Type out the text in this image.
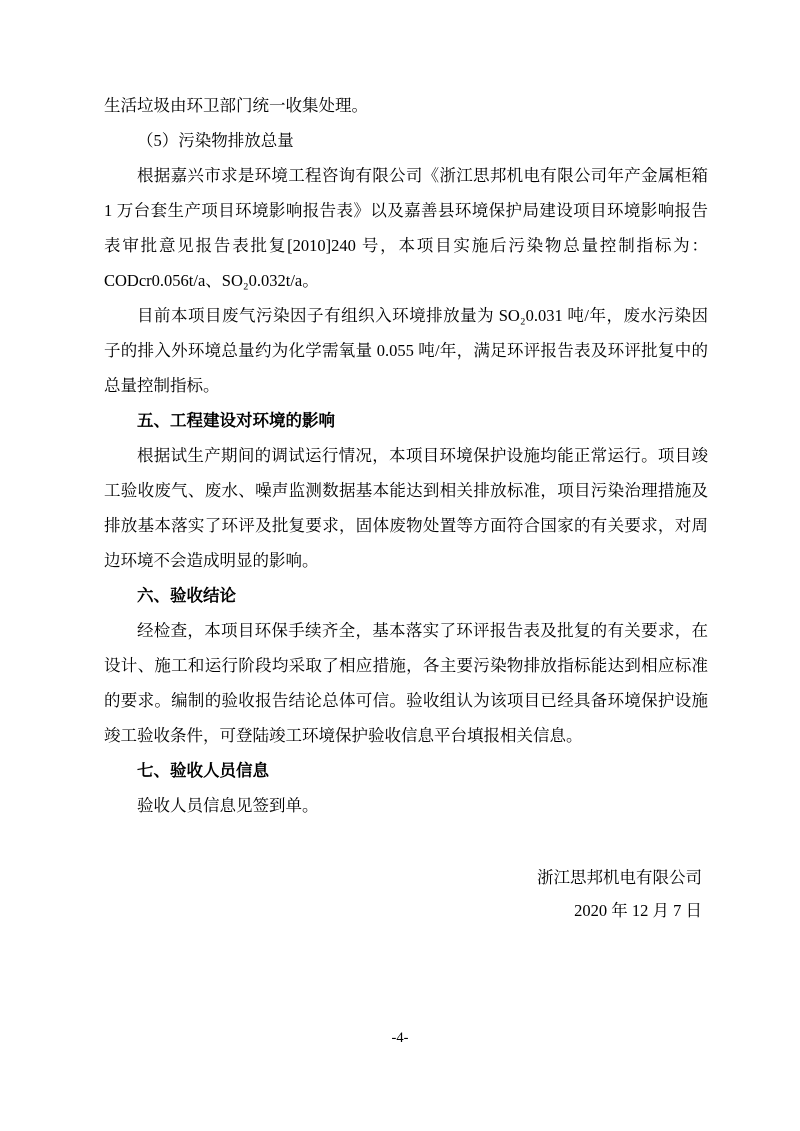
生活垃圾由环卫部门统一收集处理。

（5）污染物排放总量

根据嘉兴市求是环境工程咨询有限公司《浙江思邦机电有限公司年产金属柜箱 1 万台套生产项目环境影响报告表》以及嘉善县环境保护局建设项目环境影响报告表审批意见报告表批复[2010]240 号，本项目实施后污染物总量控制指标为：CODcr0.056t/a、SO₂0.032t/a。

目前本项目废气污染因子有组织入环境排放量为 SO₂0.031 吨/年，废水污染因子的排入外环境总量约为化学需氧量 0.055 吨/年，满足环评报告表及环评批复中的总量控制指标。

五、工程建设对环境的影响

根据试生产期间的调试运行情况，本项目环境保护设施均能正常运行。项目竣工验收废气、废水、噪声监测数据基本能达到相关排放标准，项目污染治理措施及排放基本落实了环评及批复要求，固体废物处置等方面符合国家的有关要求，对周边环境不会造成明显的影响。

六、验收结论

经检查，本项目环保手续齐全，基本落实了环评报告表及批复的有关要求，在设计、施工和运行阶段均采取了相应措施，各主要污染物排放指标能达到相应标准的要求。编制的验收报告结论总体可信。验收组认为该项目已经具备环境保护设施竣工验收条件，可登陆竣工环境保护验收信息平台填报相关信息。

七、验收人员信息

验收人员信息见签到单。

浙江思邦机电有限公司

2020 年 12 月 7 日

-4-
